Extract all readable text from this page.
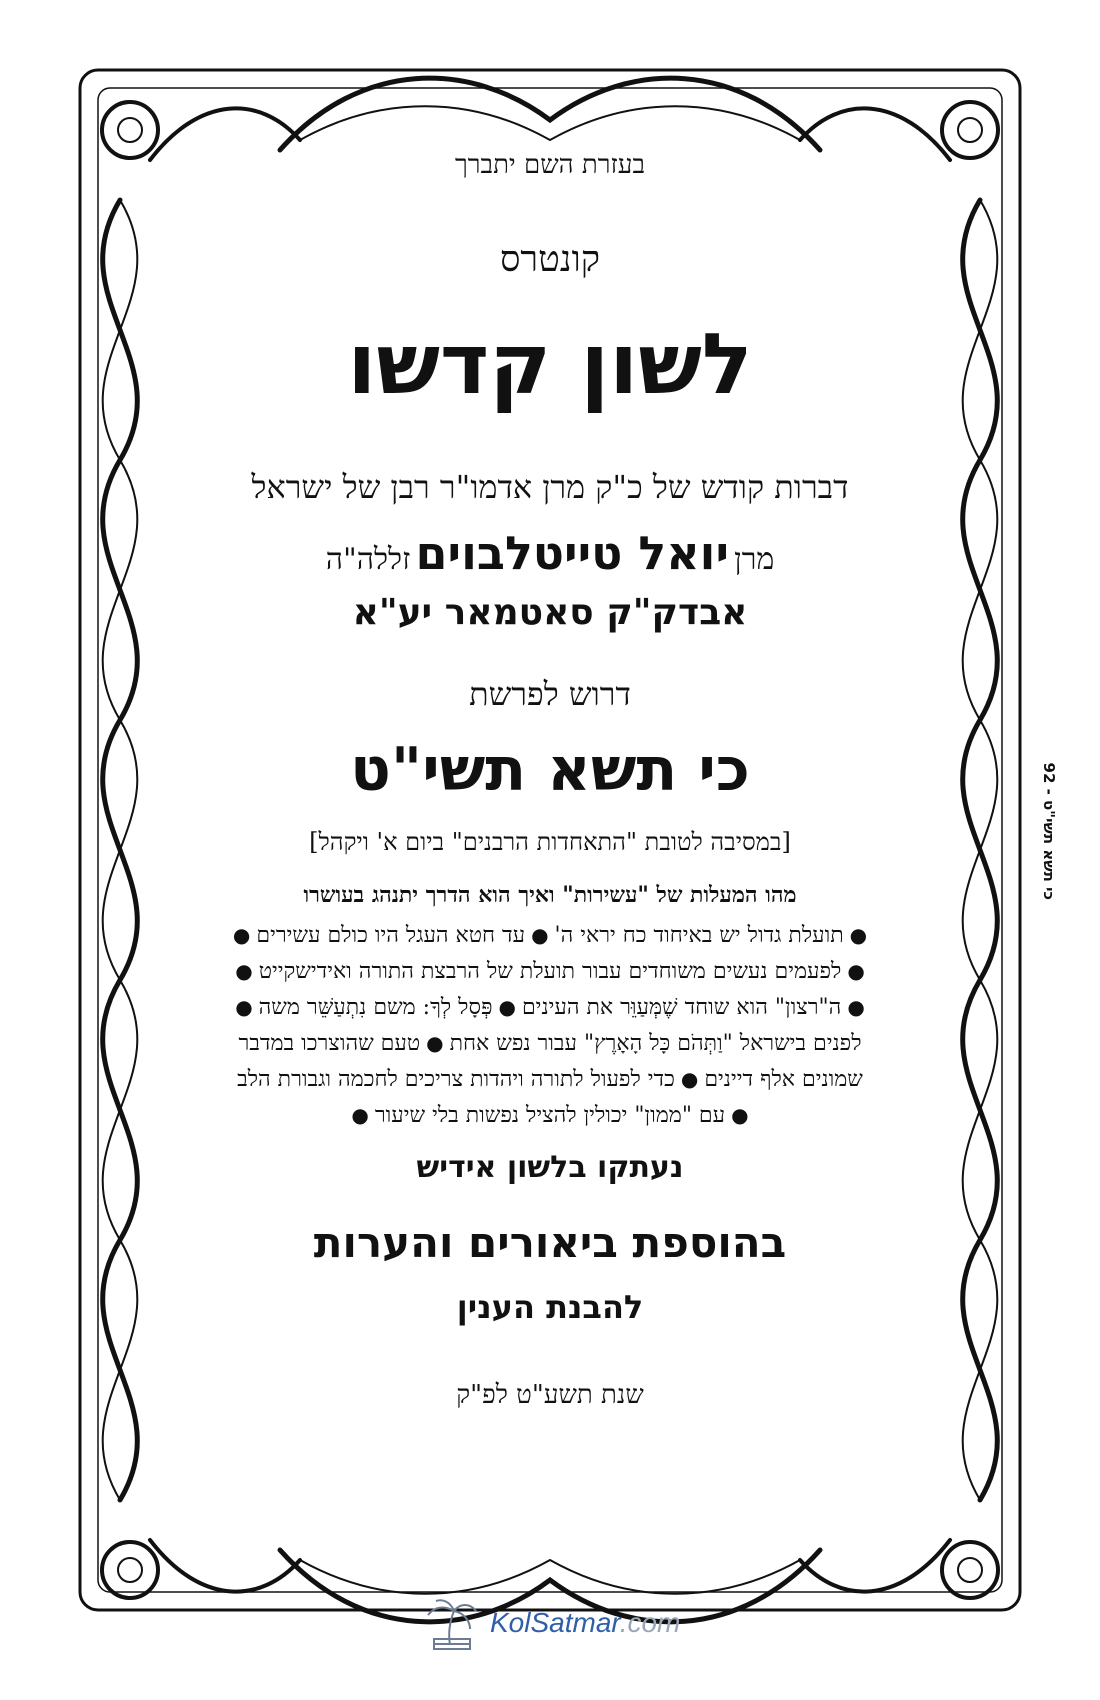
בעזרת השם יתברך
קונטרס
לשון קדשו
דברות קודש של כ"ק מרן אדמו"ר רבן של ישראל
מרן יואל טייטלבוים זללה"ה
אבדק"ק סאטמאר יע"א
דרוש לפרשת
כי תשא תשי"ט
[במסיבה לטובת "התאחדות הרבנים" ביום א' ויקהל]
מהו המעלות של "עשירות" ואיך הוא הדרך יתנהג בעושרו
●תועלת גדול יש באיחוד כח יראי ה'●עד חטא העגל היו כולם עשירים●
●לפעמים נעשים משוחדים עבור תועלת של הרבצת התורה ואידישקייט●
●ה"רצון" הוא שוחד שֶׁמְּעַוֵּר את העינים●פְּסָל לְךָ: משם נִתְעַשֵּׁר משה●
לפנים בישראל "וַתְּהֹם כָּל הָאָרֶץ" עבור נפש אחת●טעם שהוצרכו במדבר
שמונים אלף דיינים●כדי לפעול לתורה ויהדות צריכים לחכמה וגבורת הלב
●עם "ממון" יכולין להציל נפשות בלי שיעור●
נעתקו בלשון אידיש
בהוספת ביאורים והערות
להבנת הענין
שנת תשע"ט לפ"ק
כי תשא תשי"ט - 92
KolSatmar.com
